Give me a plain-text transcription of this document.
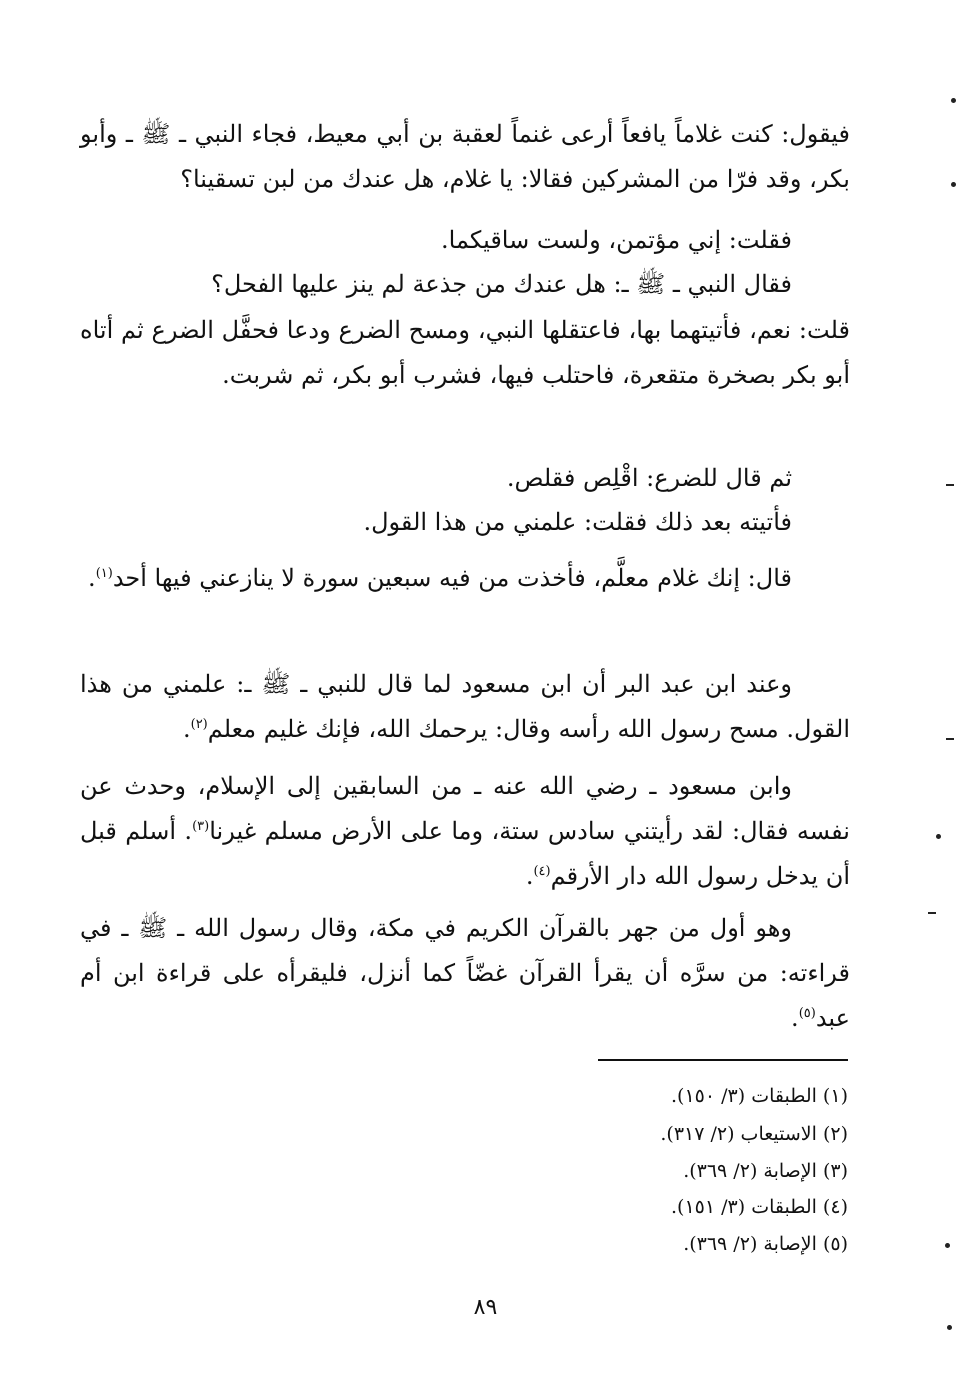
فيقول: كنت غلاماً يافعاً أرعى غنماً لعقبة بن أبي معيط، فجاء النبي ـ ﷺ ـ وأبو بكر، وقد فرّا من المشركين فقالا: يا غلام، هل عندك من لبن تسقينا؟
فقلت: إني مؤتمن، ولست ساقيكما.
فقال النبي ـ ﷺ ـ: هل عندك من جذعة لم ينز عليها الفحل؟
قلت: نعم، فأتيتهما بها، فاعتقلها النبي، ومسح الضرع ودعا فحفَّل الضرع ثم أتاه أبو بكر بصخرة متقعرة، فاحتلب فيها، فشرب أبو بكر، ثم شربت.
ثم قال للضرع: اقْلِص فقلص.
فأتيته بعد ذلك فقلت: علمني من هذا القول.
قال: إنك غلام معلَّم، فأخذت من فيه سبعين سورة لا ينازعني فيها أحد$^{(١)}$.
وعند ابن عبد البر أن ابن مسعود لما قال للنبي ـ ﷺ ـ: علمني من هذا القول. مسح رسول الله رأسه وقال: يرحمك الله، فإنك غليم معلم$^{(٢)}$.
وابن مسعود ـ رضي الله عنه ـ من السابقين إلى الإسلام، وحدث عن نفسه فقال: لقد رأيتني سادس ستة، وما على الأرض مسلم غيرنا$^{(٣)}$. أسلم قبل أن يدخل رسول الله دار الأرقم$^{(٤)}$.
وهو أول من جهر بالقرآن الكريم في مكة، وقال رسول الله ـ ﷺ ـ في قراءته: من سرَّه أن يقرأ القرآن غضّاً كما أنزل، فليقرأه على قراءة ابن أم عبد$^{(٥)}$.
(١) الطبقات (٣/ ١٥٠).
(٢) الاستيعاب (٢/ ٣١٧).
(٣) الإصابة (٢/ ٣٦٩).
(٤) الطبقات (٣/ ١٥١).
(٥) الإصابة (٢/ ٣٦٩).
٨٩
